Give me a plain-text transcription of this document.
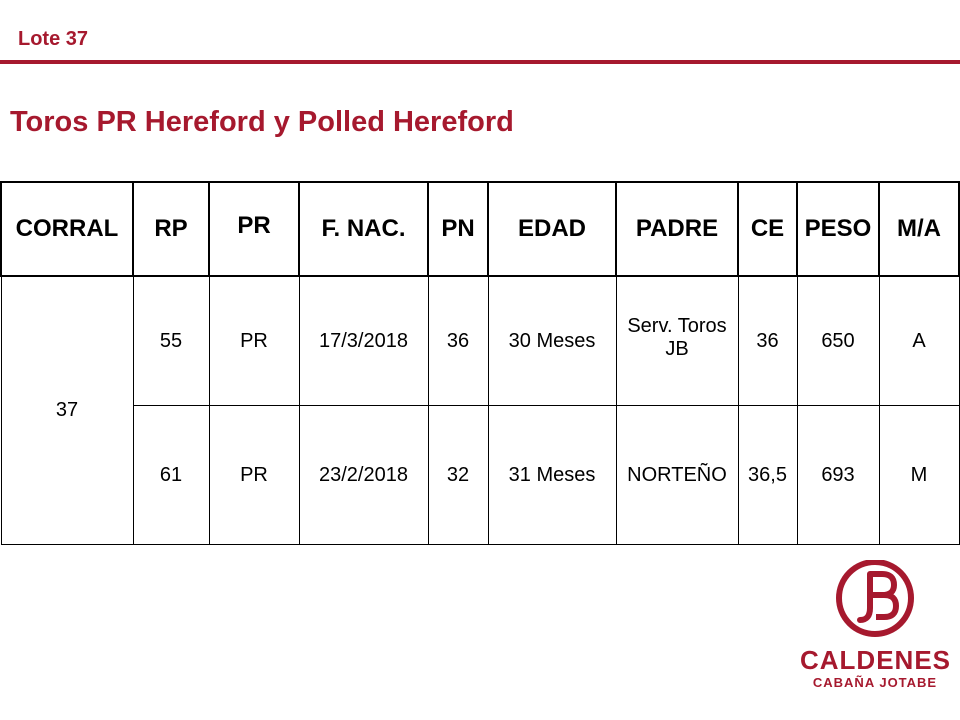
Lote 37
Toros PR Hereford y Polled Hereford
CORRAL	RP	PR	F. NAC.	PN	EDAD	PADRE	CE	PESO	M/A
37	55	PR	17/3/2018	36	30 Meses	Serv. Toros JB	36	650	A
	61	PR	23/2/2018	32	31 Meses	NORTEÑO	36,5	693	M
CALDENES
CABAÑA JOTABE
